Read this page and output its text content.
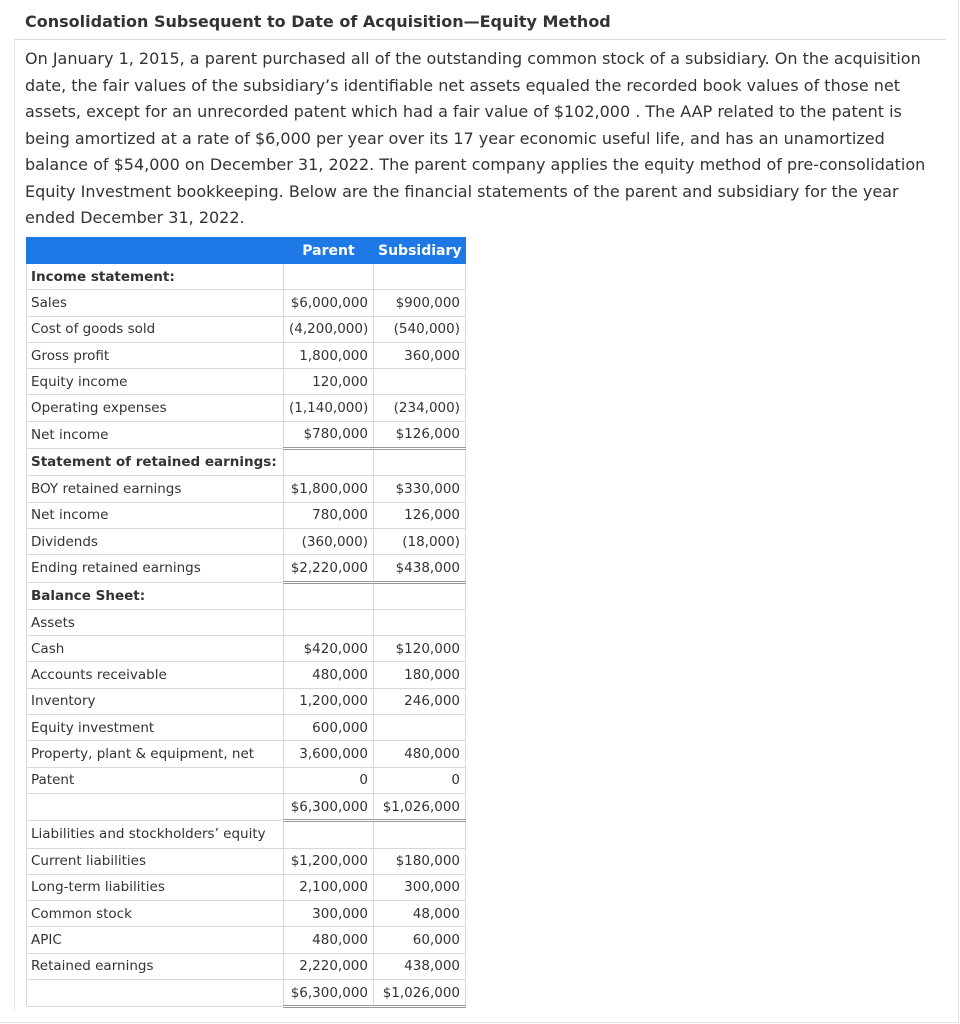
Consolidation Subsequent to Date of Acquisition—Equity Method

On January 1, 2015, a parent purchased all of the outstanding common stock of a subsidiary. On the acquisition date, the fair values of the subsidiary’s identifiable net assets equaled the recorded book values of those net assets, except for an unrecorded patent which had a fair value of $102,000 . The AAP related to the patent is being amortized at a rate of $6,000 per year over its 17 year economic useful life, and has an unamortized balance of $54,000 on December 31, 2022. The parent company applies the equity method of pre-consolidation Equity Investment bookkeeping. Below are the financial statements of the parent and subsidiary for the year ended December 31, 2022.

	Parent	Subsidiary
Income statement:		
Sales	$6,000,000	$900,000
Cost of goods sold	(4,200,000)	(540,000)
Gross profit	1,800,000	360,000
Equity income	120,000	
Operating expenses	(1,140,000)	(234,000)
Net income	$780,000	$126,000
Statement of retained earnings:		
BOY retained earnings	$1,800,000	$330,000
Net income	780,000	126,000
Dividends	(360,000)	(18,000)
Ending retained earnings	$2,220,000	$438,000
Balance Sheet:		
Assets		
Cash	$420,000	$120,000
Accounts receivable	480,000	180,000
Inventory	1,200,000	246,000
Equity investment	600,000	
Property, plant & equipment, net	3,600,000	480,000
Patent	0	0
	$6,300,000	$1,026,000
Liabilities and stockholders’ equity		
Current liabilities	$1,200,000	$180,000
Long-term liabilities	2,100,000	300,000
Common stock	300,000	48,000
APIC	480,000	60,000
Retained earnings	2,220,000	438,000
	$6,300,000	$1,026,000
